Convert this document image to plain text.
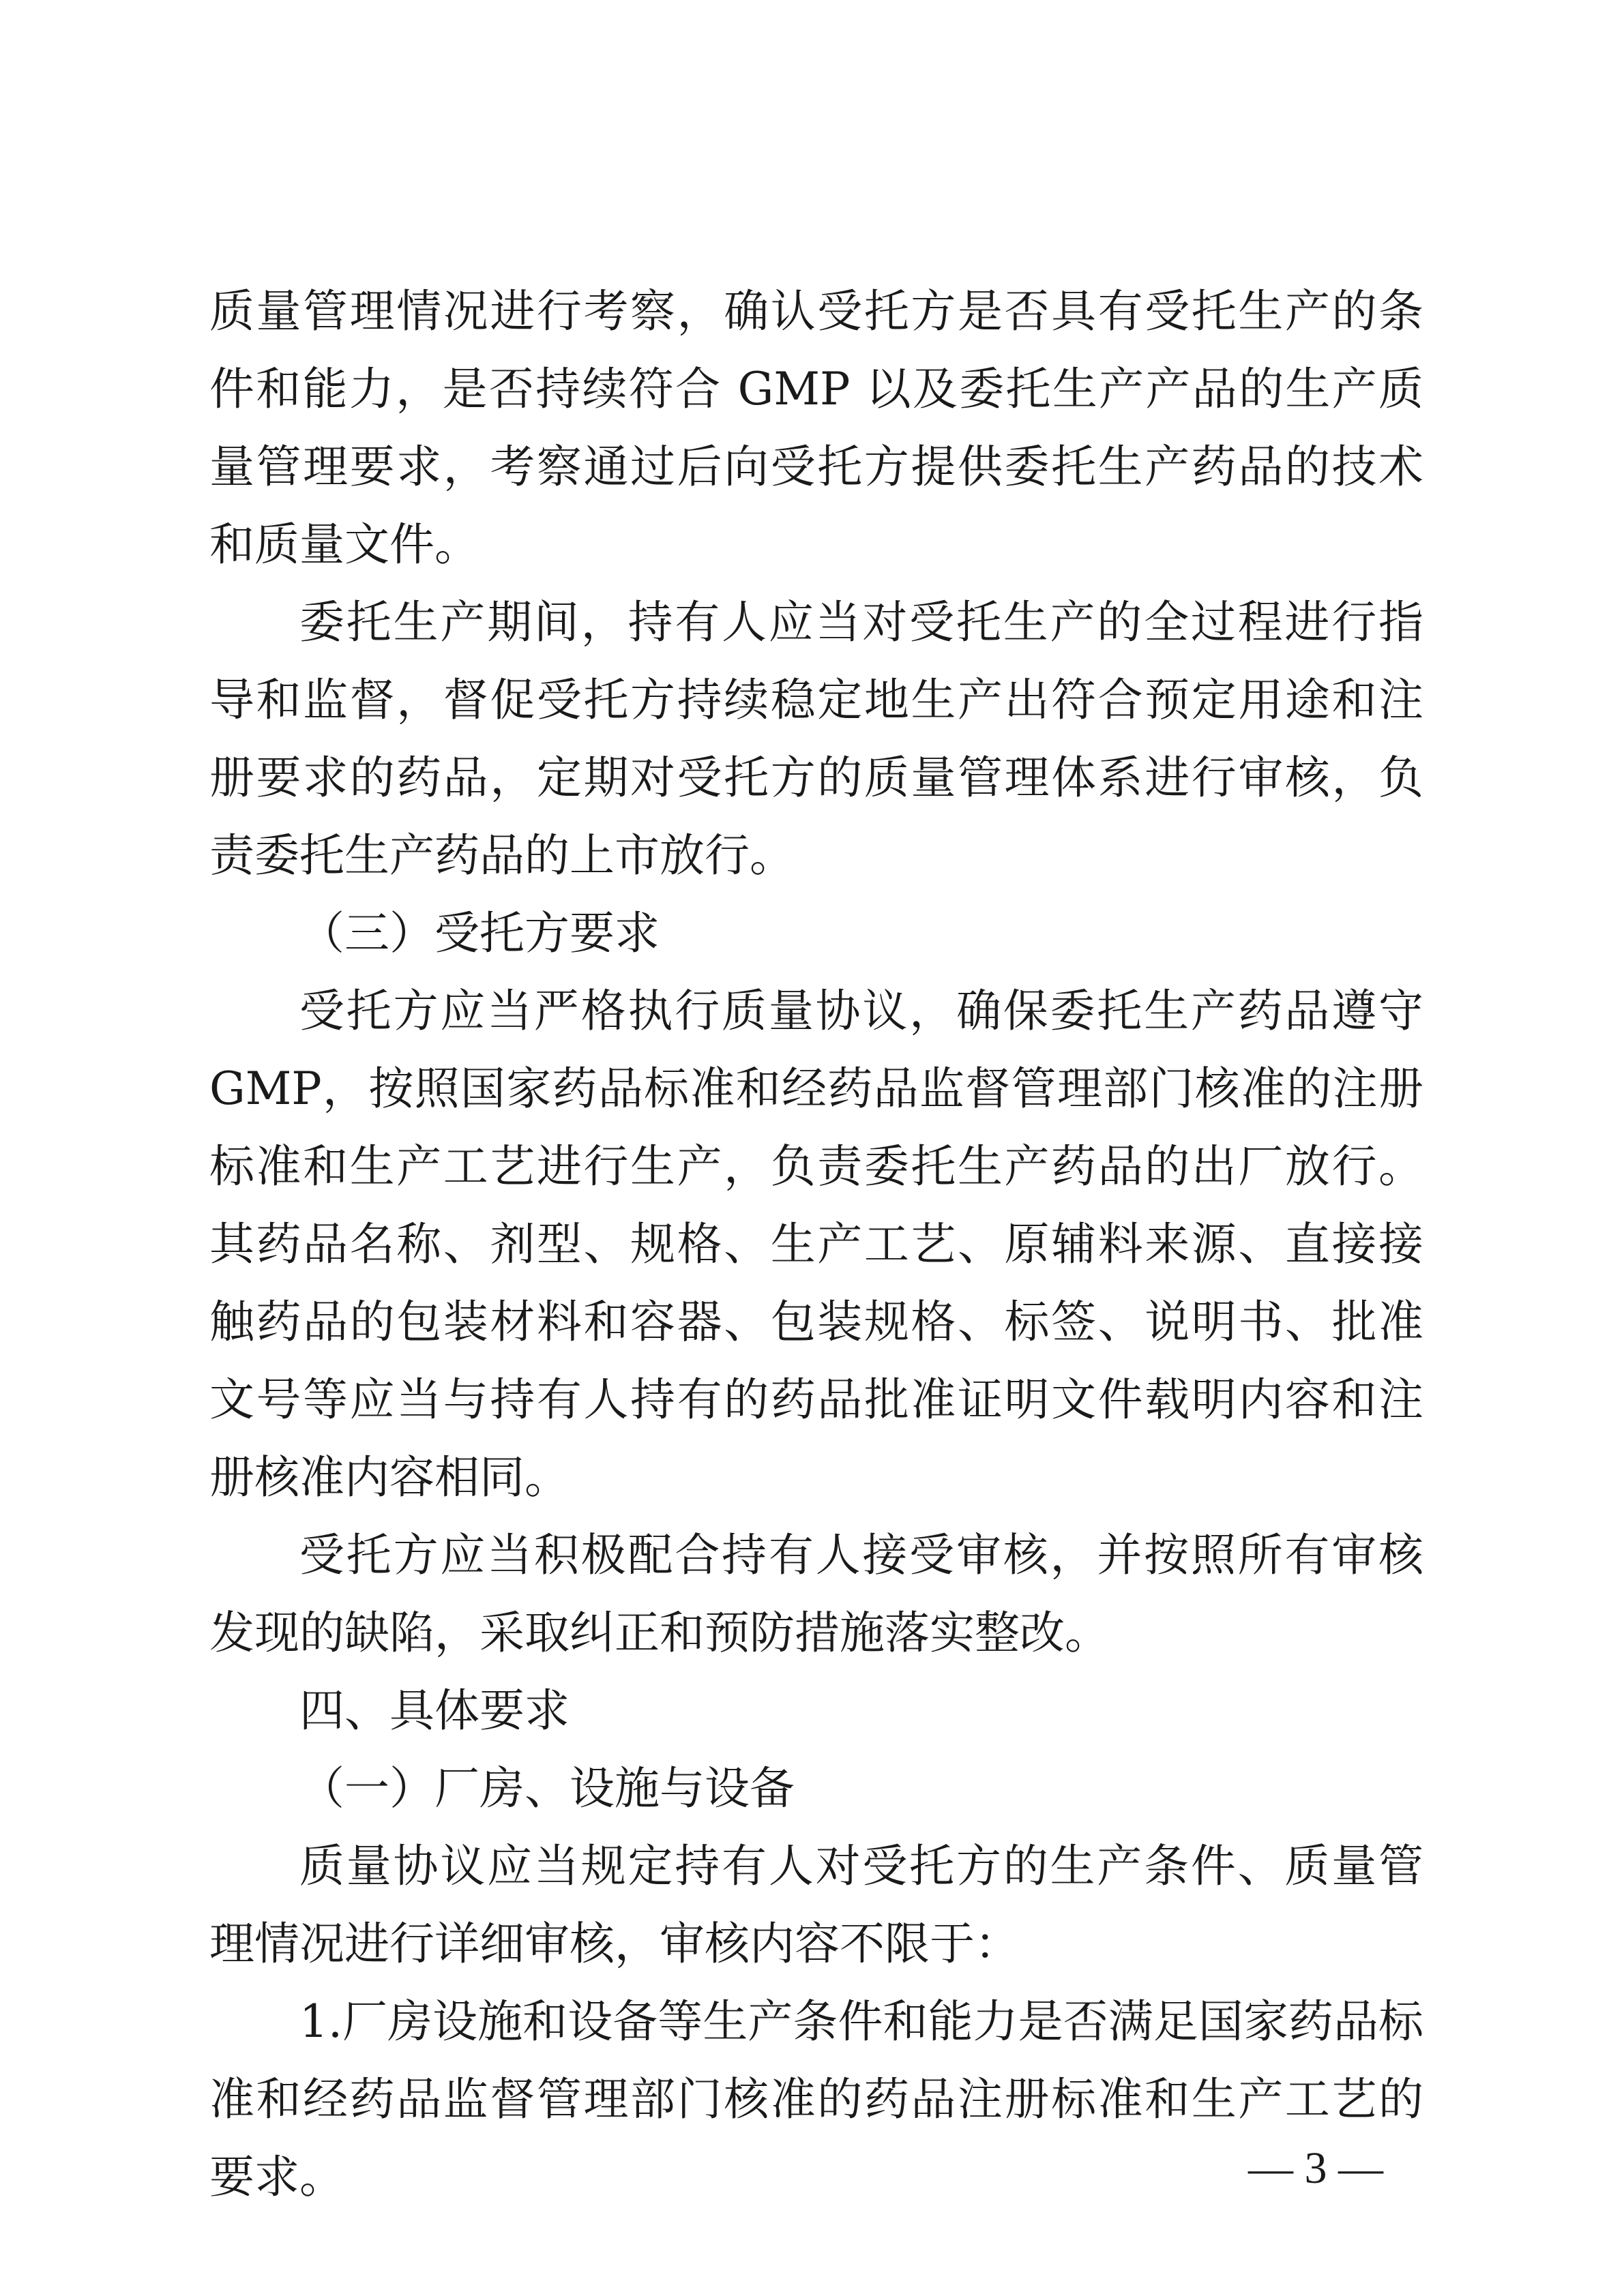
质量管理情况进行考察，确认受托方是否具有受托生产的条件和能力，是否持续符合 GMP 以及委托生产产品的生产质量管理要求，考察通过后向受托方提供委托生产药品的技术和质量文件。

委托生产期间，持有人应当对受托生产的全过程进行指导和监督，督促受托方持续稳定地生产出符合预定用途和注册要求的药品，定期对受托方的质量管理体系进行审核，负责委托生产药品的上市放行。

（三）受托方要求

受托方应当严格执行质量协议，确保委托生产药品遵守 GMP，按照国家药品标准和经药品监督管理部门核准的注册标准和生产工艺进行生产，负责委托生产药品的出厂放行。其药品名称、剂型、规格、生产工艺、原辅料来源、直接接触药品的包装材料和容器、包装规格、标签、说明书、批准文号等应当与持有人持有的药品批准证明文件载明内容和注册核准内容相同。

受托方应当积极配合持有人接受审核，并按照所有审核发现的缺陷，采取纠正和预防措施落实整改。

四、具体要求

（一）厂房、设施与设备

质量协议应当规定持有人对受托方的生产条件、质量管理情况进行详细审核，审核内容不限于：

1.厂房设施和设备等生产条件和能力是否满足国家药品标准和经药品监督管理部门核准的药品注册标准和生产工艺的要求。	— 3 —
